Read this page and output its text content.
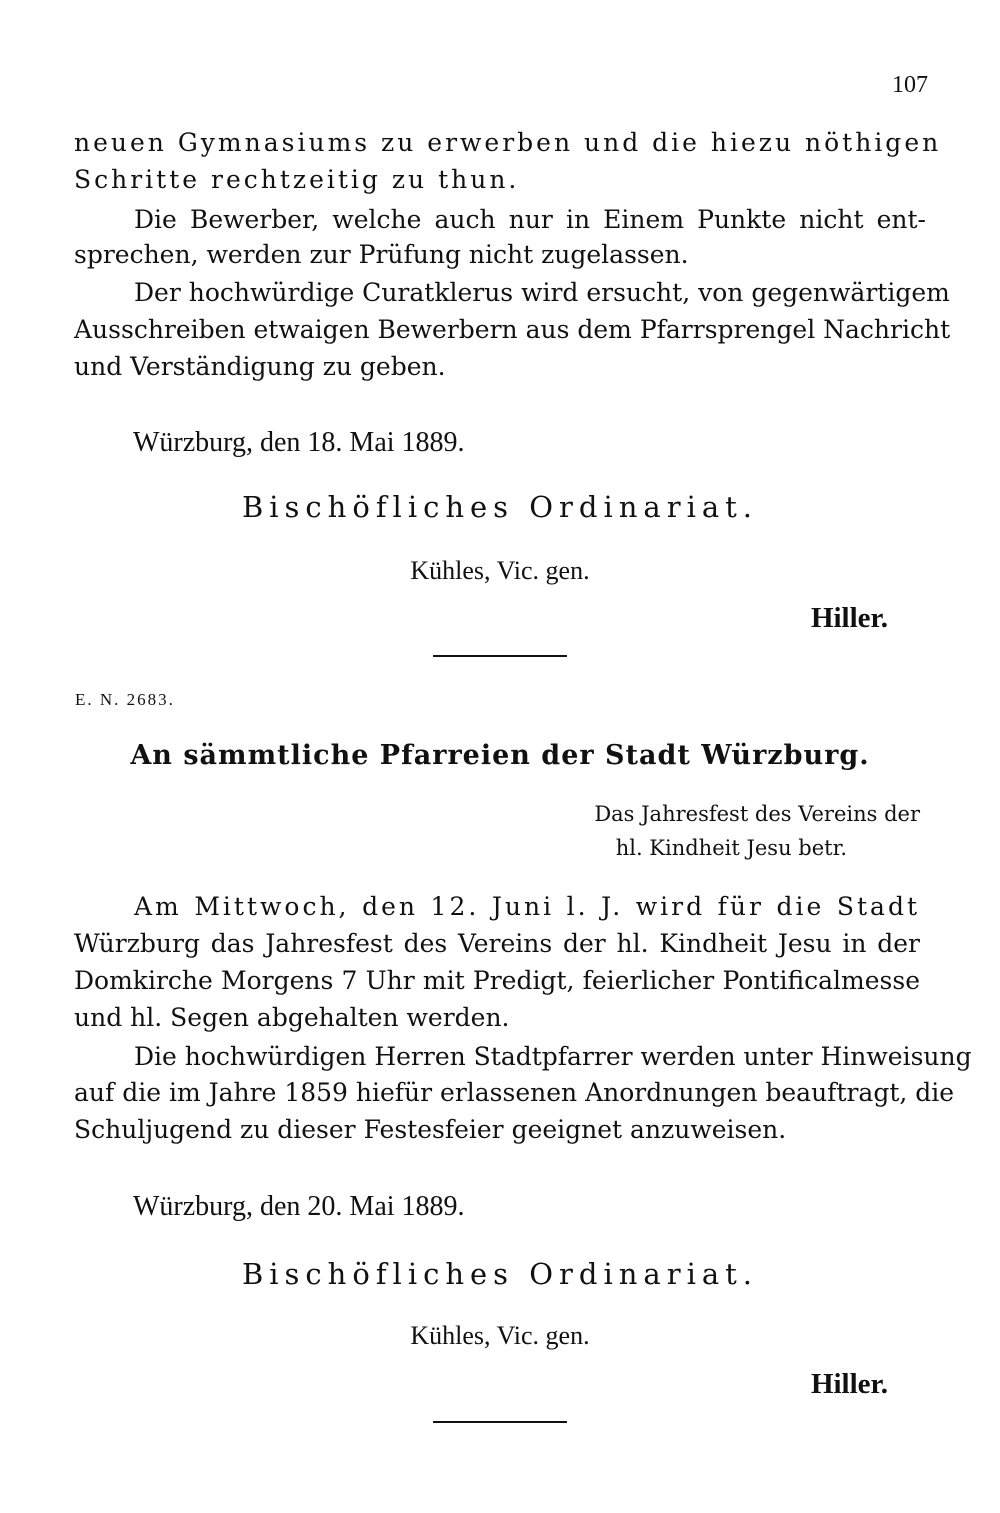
107
neuen Gymnasiums zu erwerben und die hiezu nöthigen
Schritte rechtzeitig zu thun.
Die Bewerber, welche auch nur in Einem Punkte nicht ent-
sprechen, werden zur Prüfung nicht zugelassen.
Der hochwürdige Curatklerus wird ersucht, von gegenwärtigem
Ausschreiben etwaigen Bewerbern aus dem Pfarrsprengel Nachricht
und Verständigung zu geben.
Würzburg, den 18. Mai 1889.
Bischöfliches Ordinariat.
Kühles, Vic. gen.
Hiller.
E. N. 2683.
An sämmtliche Pfarreien der Stadt Würzburg.
Das Jahresfest des Vereins der
hl. Kindheit Jesu betr.
Am Mittwoch, den 12. Juni l. J. wird für die Stadt
Würzburg das Jahresfest des Vereins der hl. Kindheit Jesu in der
Domkirche Morgens 7 Uhr mit Predigt, feierlicher Pontificalmesse
und hl. Segen abgehalten werden.
Die hochwürdigen Herren Stadtpfarrer werden unter Hinweisung
auf die im Jahre 1859 hiefür erlassenen Anordnungen beauftragt, die
Schuljugend zu dieser Festesfeier geeignet anzuweisen.
Würzburg, den 20. Mai 1889.
Bischöfliches Ordinariat.
Kühles, Vic. gen.
Hiller.
